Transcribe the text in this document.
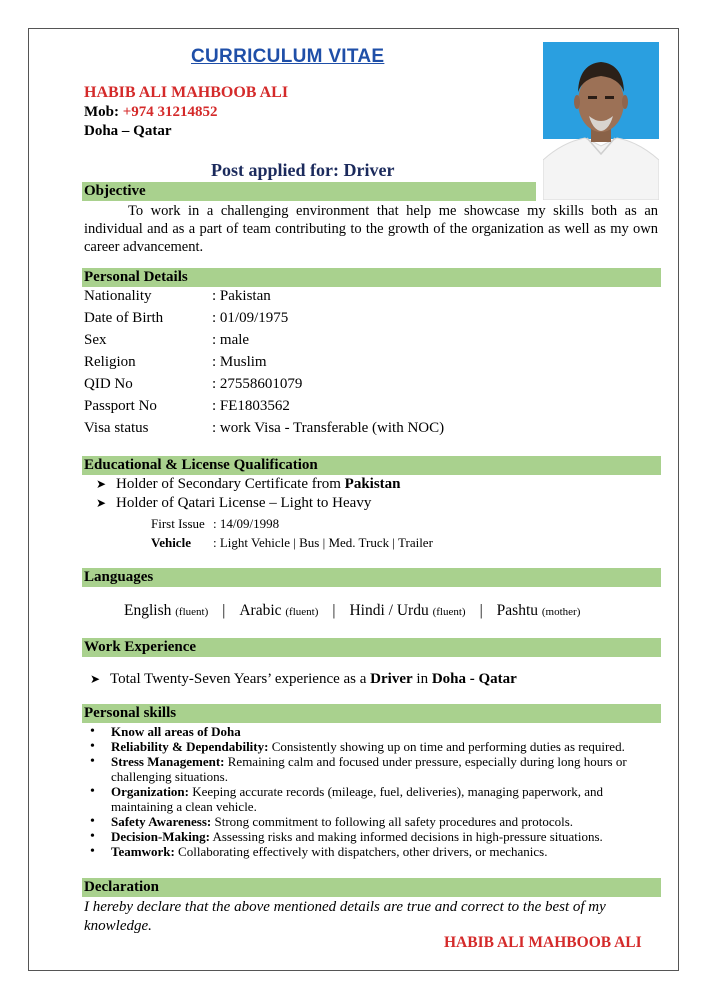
CURRICULUM VITAE
HABIB ALI MAHBOOB ALI
Mob: +974 31214852
Doha – Qatar
Post applied for: Driver
Objective
To work in a challenging environment that help me showcase my skills both as an individual and as a part of team contributing to the growth of the organization as well as my own career advancement.
Personal Details
Nationality	: Pakistan
Date of Birth	: 01/09/1975
Sex	: male
Religion	: Muslim
QID No	: 27558601079
Passport No	: FE1803562
Visa status	: work Visa - Transferable (with NOC)
Educational & License Qualification
➤ Holder of Secondary Certificate from Pakistan
➤ Holder of Qatari License – Light to Heavy
First Issue : 14/09/1998
Vehicle : Light Vehicle | Bus | Med. Truck | Trailer
Languages
English (fluent) | Arabic (fluent) | Hindi / Urdu (fluent) | Pashtu (mother)
Work Experience
➤ Total Twenty-Seven Years’ experience as a Driver in Doha - Qatar
Personal skills
• Know all areas of Doha
• Reliability & Dependability: Consistently showing up on time and performing duties as required.
• Stress Management: Remaining calm and focused under pressure, especially during long hours or challenging situations.
• Organization: Keeping accurate records (mileage, fuel, deliveries), managing paperwork, and maintaining a clean vehicle.
• Safety Awareness: Strong commitment to following all safety procedures and protocols.
• Decision-Making: Assessing risks and making informed decisions in high-pressure situations.
• Teamwork: Collaborating effectively with dispatchers, other drivers, or mechanics.
Declaration
I hereby declare that the above mentioned details are true and correct to the best of my knowledge.
HABIB ALI MAHBOOB ALI
